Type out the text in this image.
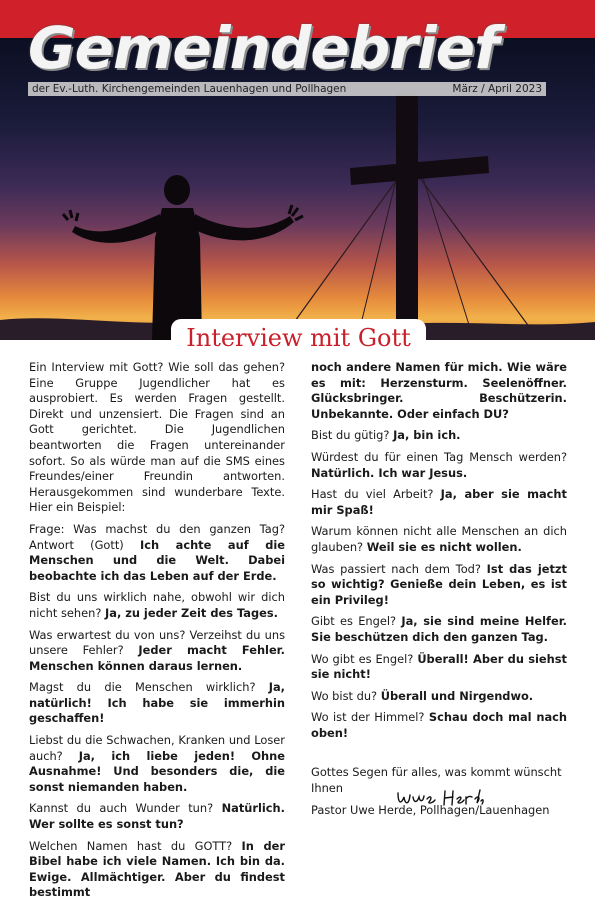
Gemeindebrief
der Ev.-Luth. Kirchengemeinden Lauenhagen und Pollhagen	März / April 2023
Interview mit Gott

Ein Interview mit Gott? Wie soll das gehen? Eine Gruppe Jugendlicher hat es ausprobiert. Es werden Fragen gestellt. Direkt und unzensiert. Die Fragen sind an Gott gerichtet. Die Jugendlichen beantworten die Fragen untereinander sofort. So als würde man auf die SMS eines Freundes/einer Freundin antworten. Herausgekommen sind wunderbare Texte. Hier ein Beispiel:

Frage: Was machst du den ganzen Tag? Antwort (Gott) Ich achte auf die Menschen und die Welt. Dabei beobachte ich das Leben auf der Erde.

Bist du uns wirklich nahe, obwohl wir dich nicht sehen? Ja, zu jeder Zeit des Tages.

Was erwartest du von uns? Verzeihst du uns unsere Fehler? Jeder macht Fehler. Menschen können daraus lernen.

Magst du die Menschen wirklich? Ja, natürlich! Ich habe sie immerhin geschaffen!

Liebst du die Schwachen, Kranken und Loser auch? Ja, ich liebe jeden! Ohne Ausnahme! Und besonders die, die sonst niemanden haben.

Kannst du auch Wunder tun? Natürlich. Wer sollte es sonst tun?

Welchen Namen hast du GOTT? In der Bibel habe ich viele Namen. Ich bin da. Ewige. Allmächtiger. Aber du findest bestimmt

noch andere Namen für mich. Wie wäre es mit: Herzensturm. Seelenöffner. Glücksbringer. Beschützerin. Unbekannte. Oder einfach DU?

Bist du gütig? Ja, bin ich.

Würdest du für einen Tag Mensch werden? Natürlich. Ich war Jesus.

Hast du viel Arbeit? Ja, aber sie macht mir Spaß!

Warum können nicht alle Menschen an dich glauben? Weil sie es nicht wollen.

Was passiert nach dem Tod? Ist das jetzt so wichtig? Genieße dein Leben, es ist ein Privileg!

Gibt es Engel? Ja, sie sind meine Helfer. Sie beschützen dich den ganzen Tag.

Wo gibt es Engel? Überall! Aber du siehst sie nicht!

Wo bist du? Überall und Nirgendwo.

Wo ist der Himmel? Schau doch mal nach oben!

Gottes Segen für alles, was kommt wünscht Ihnen

Pastor Uwe Herde, Pollhagen/Lauenhagen
